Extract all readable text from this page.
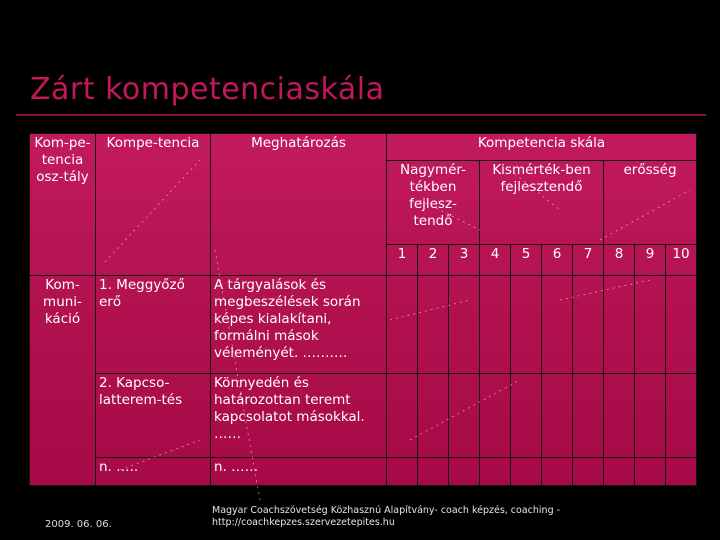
Zárt kompetenciaskála
Kom-pe-tencia osz-tály	Kompe-tencia	Meghatározás	Kompetencia skála									
			Nagymér-tékben fejlesz-tendő			Kismérték-ben fejlesztendő				erősség		
			1	2	3	4	5	6	7	8	9	10
Kom-muni-káció	1. Meggyőző erő	A tárgyalások és megbeszélések során képes kialakítani, formálni mások véleményét. ……….										
	2. Kapcso-latterem-tés	Könnyedén és határozottan teremt kapcsolatot másokkal. ……										
	n. …..	n. ……										
2009. 06. 06.
Magyar Coachszövetség Közhasznú Alapítvány- coach képzés, coaching - http://coachkepzes.szervezetepites.hu
